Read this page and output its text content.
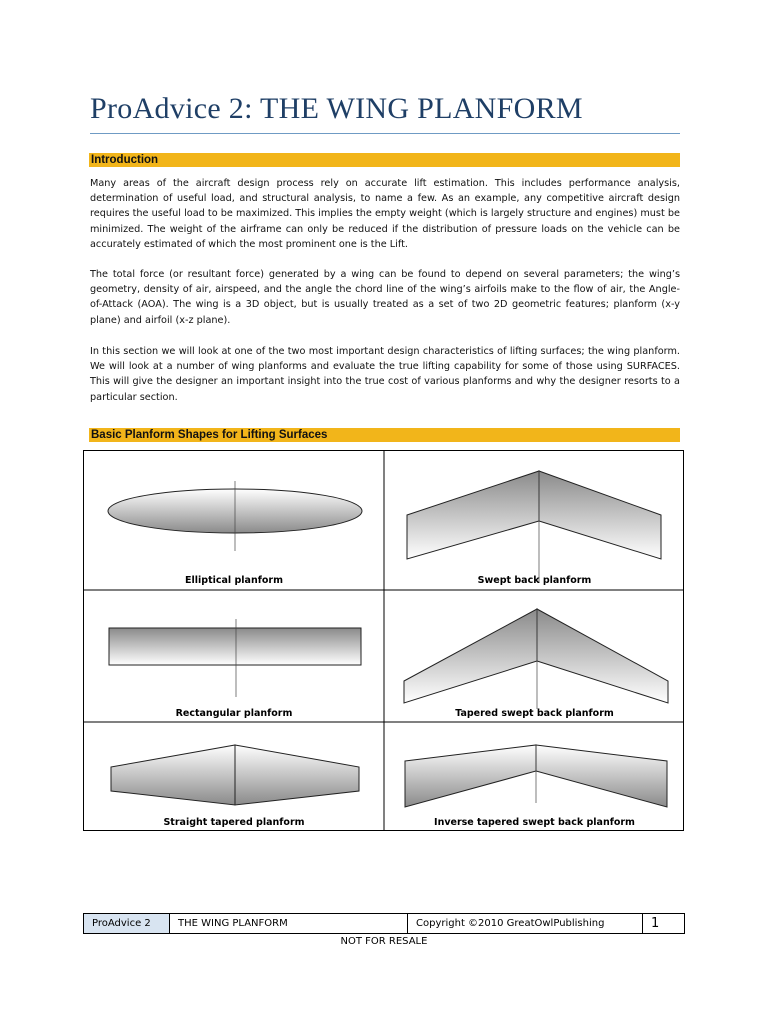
ProAdvice 2: THE WING PLANFORM
Introduction

Many areas of the aircraft design process rely on accurate lift estimation. This includes performance analysis, determination of useful load, and structural analysis, to name a few. As an example, any competitive aircraft design requires the useful load to be maximized. This implies the empty weight (which is largely structure and engines) must be minimized. The weight of the airframe can only be reduced if the distribution of pressure loads on the vehicle can be accurately estimated of which the most prominent one is the Lift.

The total force (or resultant force) generated by a wing can be found to depend on several parameters; the wing’s geometry, density of air, airspeed, and the angle the chord line of the wing’s airfoils make to the flow of air, the Angle-of-Attack (AOA). The wing is a 3D object, but is usually treated as a set of two 2D geometric features; planform (x-y plane) and airfoil (x-z plane).

In this section we will look at one of the two most important design characteristics of lifting surfaces; the wing planform. We will look at a number of wing planforms and evaluate the true lifting capability for some of those using SURFACES. This will give the designer an important insight into the true cost of various planforms and why the designer resorts to a particular section.

Basic Planform Shapes for Lifting Surfaces
Elliptical planform	Swept back planform
Rectangular planform	Tapered swept back planform
Straight tapered planform	Inverse tapered swept back planform
ProAdvice 2	THE WING PLANFORM	Copyright ©2010 GreatOwlPublishing	1
NOT FOR RESALE
